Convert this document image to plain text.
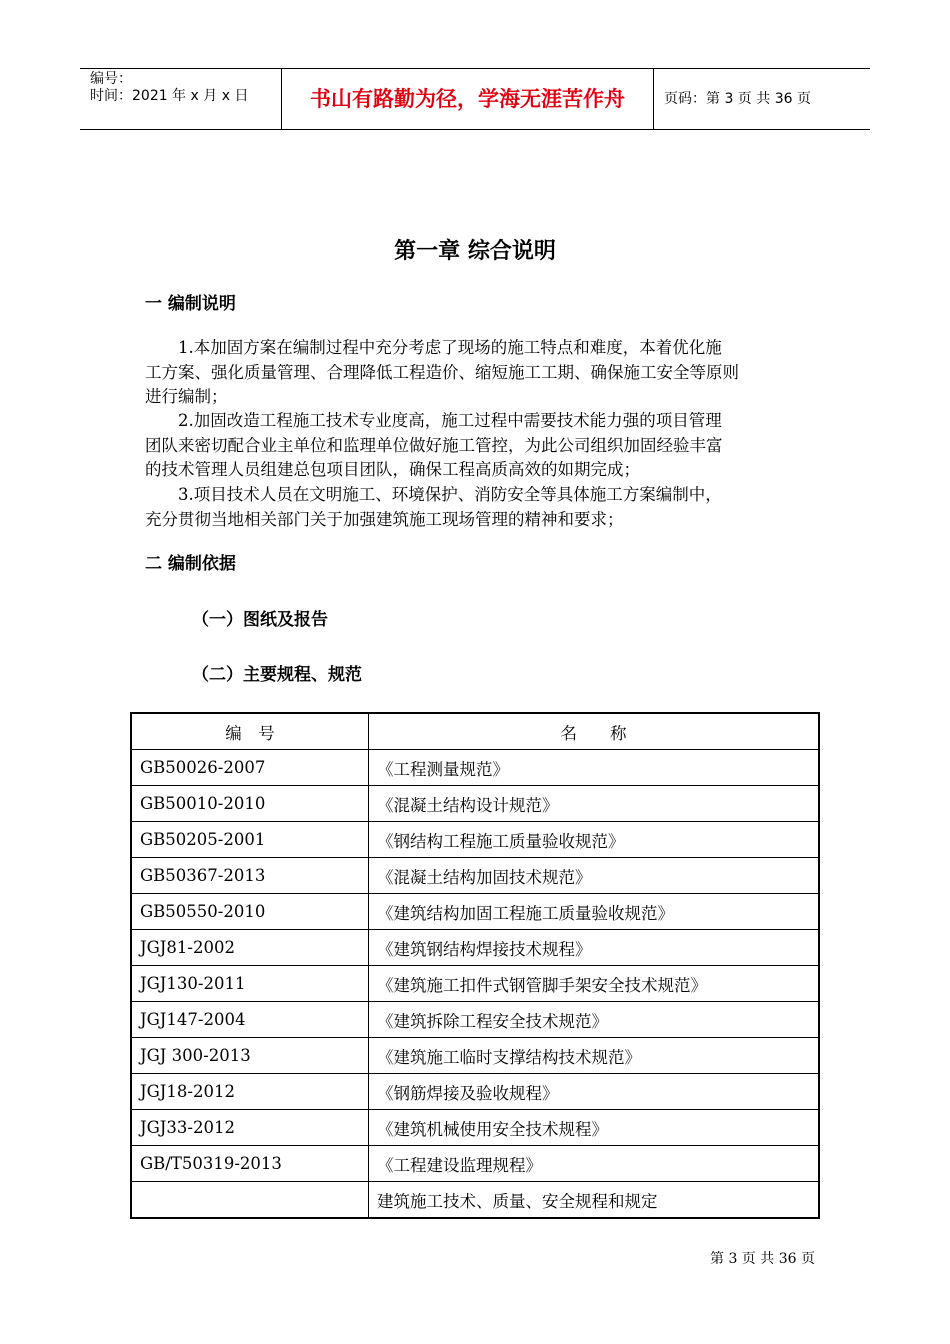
编号：
时间：2021 年 x 月 x 日	书山有路勤为径，学海无涯苦作舟	页码：第 3 页 共 36 页
第一章 综合说明
一 编制说明
1.本加固方案在编制过程中充分考虑了现场的施工特点和难度，本着优化施
工方案、强化质量管理、合理降低工程造价、缩短施工工期、确保施工安全等原则
进行编制；
2.加固改造工程施工技术专业度高，施工过程中需要技术能力强的项目管理
团队来密切配合业主单位和监理单位做好施工管控，为此公司组织加固经验丰富
的技术管理人员组建总包项目团队，确保工程高质高效的如期完成；
3.项目技术人员在文明施工、环境保护、消防安全等具体施工方案编制中，
充分贯彻当地相关部门关于加强建筑施工现场管理的精神和要求；
二 编制依据
（一）图纸及报告
（二）主要规程、规范
编　号	名　　称
GB50026-2007	《工程测量规范》
GB50010-2010	《混凝土结构设计规范》
GB50205-2001	《钢结构工程施工质量验收规范》
GB50367-2013	《混凝土结构加固技术规范》
GB50550-2010	《建筑结构加固工程施工质量验收规范》
JGJ81-2002	《建筑钢结构焊接技术规程》
JGJ130-2011	《建筑施工扣件式钢管脚手架安全技术规范》
JGJ147-2004	《建筑拆除工程安全技术规范》
JGJ 300-2013	《建筑施工临时支撑结构技术规范》
JGJ18-2012	《钢筋焊接及验收规程》
JGJ33-2012	《建筑机械使用安全技术规程》
GB/T50319-2013	《工程建设监理规程》
	建筑施工技术、质量、安全规程和规定
第 3 页 共 36 页
